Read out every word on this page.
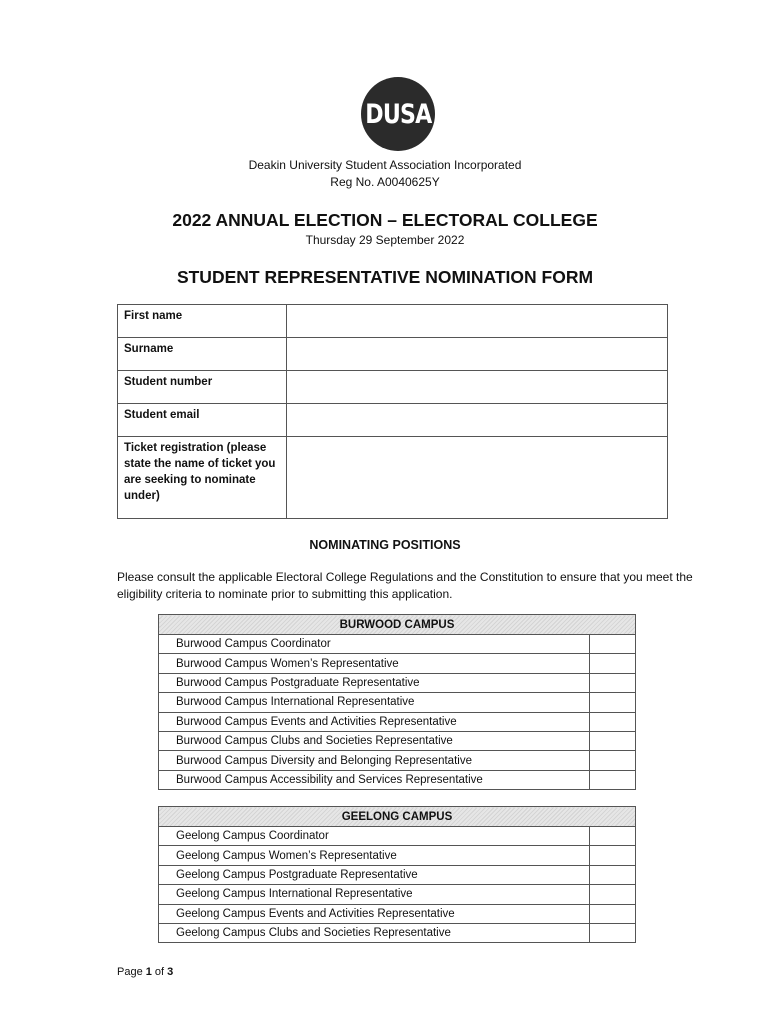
DUSA
Deakin University Student Association Incorporated
Reg No. A0040625Y
2022 ANNUAL ELECTION – ELECTORAL COLLEGE
Thursday 29 September 2022
STUDENT REPRESENTATIVE NOMINATION FORM
First name	
Surname	
Student number	
Student email	
Ticket registration (please state the name of ticket you are seeking to nominate under)	
NOMINATING POSITIONS
Please consult the applicable Electoral College Regulations and the Constitution to ensure that you meet the eligibility criteria to nominate prior to submitting this application.
BURWOOD CAMPUS	
Burwood Campus Coordinator	
Burwood Campus Women’s Representative	
Burwood Campus Postgraduate Representative	
Burwood Campus International Representative	
Burwood Campus Events and Activities Representative	
Burwood Campus Clubs and Societies Representative	
Burwood Campus Diversity and Belonging Representative	
Burwood Campus Accessibility and Services Representative	
GEELONG CAMPUS	
Geelong Campus Coordinator	
Geelong Campus Women’s Representative	
Geelong Campus Postgraduate Representative	
Geelong Campus International Representative	
Geelong Campus Events and Activities Representative	
Geelong Campus Clubs and Societies Representative	
Page 1 of 3
